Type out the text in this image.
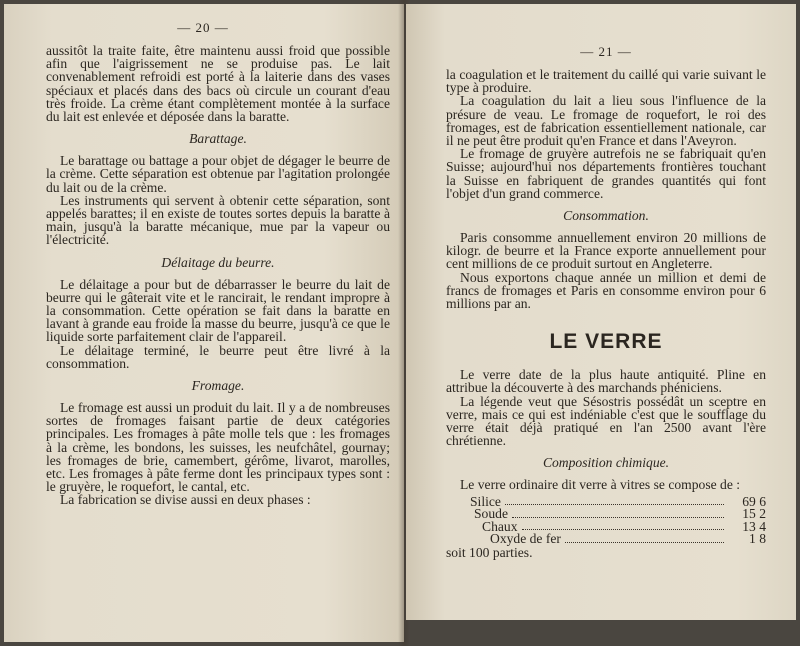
— 20 —

aussitôt la traite faite, être maintenu aussi froid que possible afin que l'aigrissement ne se produise pas. Le lait convenablement refroidi est porté à la laiterie dans des vases spéciaux et placés dans des bacs où circule un courant d'eau très froide. La crème étant complètement montée à la surface du lait est enlevée et déposée dans la baratte.

Barattage.

Le barattage ou battage a pour objet de dégager le beurre de la crème. Cette séparation est obtenue par l'agitation prolongée du lait ou de la crème.

Les instruments qui servent à obtenir cette séparation, sont appelés barattes; il en existe de toutes sortes depuis la baratte à main, jusqu'à la baratte mécanique, mue par la vapeur ou l'électricité.

Délaitage du beurre.

Le délaitage a pour but de débarrasser le beurre du lait de beurre qui le gâterait vite et le rancirait, le rendant impropre à la consommation. Cette opération se fait dans la baratte en lavant à grande eau froide la masse du beurre, jusqu'à ce que le liquide sorte parfaitement clair de l'appareil.

Le délaitage terminé, le beurre peut être livré à la consommation.

Fromage.

Le fromage est aussi un produit du lait. Il y a de nombreuses sortes de fromages faisant partie de deux catégories principales. Les fromages à pâte molle tels que : les fromages à la crème, les bondons, les suisses, les neufchâtel, gournay; les fromages de brie, camembert, gérôme, livarot, marolles, etc. Les fromages à pâte ferme dont les principaux types sont : le gruyère, le roquefort, le cantal, etc.

La fabrication se divise aussi en deux phases :

— 21 —

la coagulation et le traitement du caillé qui varie suivant le type à produire.

La coagulation du lait a lieu sous l'influence de la présure de veau. Le fromage de roquefort, le roi des fromages, est de fabrication essentiellement nationale, car il ne peut être produit qu'en France et dans l'Aveyron.

Le fromage de gruyère autrefois ne se fabriquait qu'en Suisse; aujourd'hui nos départements frontières touchant la Suisse en fabriquent de grandes quantités qui font l'objet d'un grand commerce.

Consommation.

Paris consomme annuellement environ 20 millions de kilogr. de beurre et la France exporte annuellement pour cent millions de ce produit surtout en Angleterre.

Nous exportons chaque année un million et demi de francs de fromages et Paris en consomme environ pour 6 millions par an.

LE VERRE

Le verre date de la plus haute antiquité. Pline en attribue la découverte à des marchands phéniciens.

La légende veut que Sésostris possédât un sceptre en verre, mais ce qui est indéniable c'est que le soufflage du verre était déjà pratiqué en l'an 2500 avant l'ère chrétienne.

Composition chimique.

Le verre ordinaire dit verre à vitres se compose de :

Silice	69 6
Soude	15 2
Chaux	13 4
Oxyde de fer	1 8

soit 100 parties.
